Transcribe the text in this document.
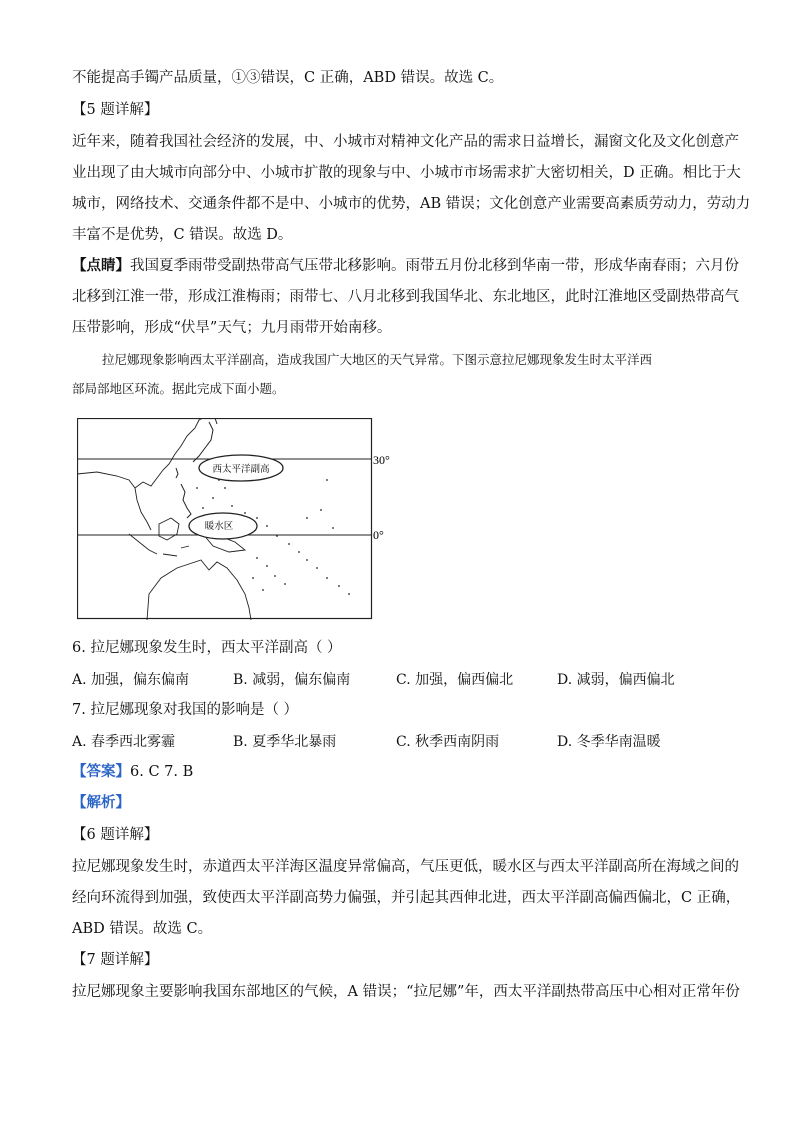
不能提高手镯产品质量，①③错误，C 正确，ABD 错误。故选 C。
【5 题详解】
近年来，随着我国社会经济的发展，中、小城市对精神文化产品的需求日益增长，漏窗文化及文化创意产
业出现了由大城市向部分中、小城市扩散的现象与中、小城市市场需求扩大密切相关，D 正确。相比于大
城市，网络技术、交通条件都不是中、小城市的优势，AB 错误；文化创意产业需要高素质劳动力，劳动力
丰富不是优势，C 错误。故选 D。
【点睛】我国夏季雨带受副热带高气压带北移影响。雨带五月份北移到华南一带，形成华南春雨；六月份
北移到江淮一带，形成江淮梅雨；雨带七、八月北移到我国华北、东北地区，此时江淮地区受副热带高气
压带影响，形成“伏旱”天气；九月雨带开始南移。
拉尼娜现象影响西太平洋副高，造成我国广大地区的天气异常。下图示意拉尼娜现象发生时太平洋西
部局部地区环流。据此完成下面小题。
西太平洋副高
暖水区
30°
0°
6. 拉尼娜现象发生时，西太平洋副高（ ）
A. 加强，偏东偏南	B. 减弱，偏东偏南	C. 加强，偏西偏北	D. 减弱，偏西偏北
7. 拉尼娜现象对我国的影响是（ ）
A. 春季西北雾霾	B. 夏季华北暴雨	C. 秋季西南阴雨	D. 冬季华南温暖
【答案】6. C 7. B
【解析】
【6 题详解】
拉尼娜现象发生时，赤道西太平洋海区温度异常偏高，气压更低，暖水区与西太平洋副高所在海域之间的
经向环流得到加强，致使西太平洋副高势力偏强，并引起其西伸北进，西太平洋副高偏西偏北，C 正确，
ABD 错误。故选 C。
【7 题详解】
拉尼娜现象主要影响我国东部地区的气候，A 错误；“拉尼娜”年，西太平洋副热带高压中心相对正常年份
